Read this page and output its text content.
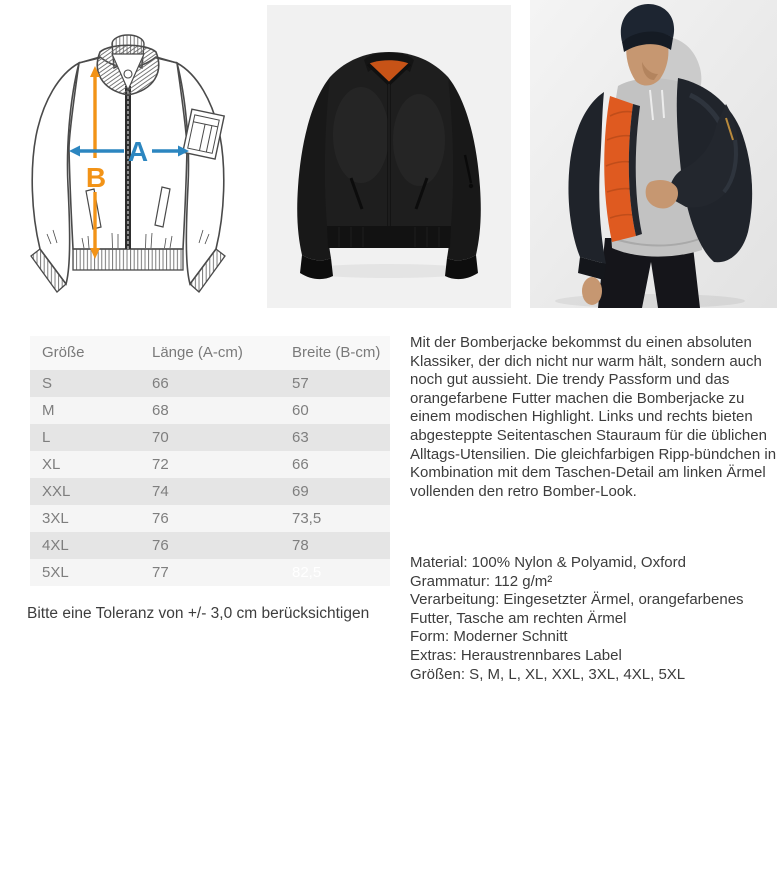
B
A
Größe	Länge (A-cm)	Breite (B-cm)
S	66	57
M	68	60
L	70	63
XL	72	66
XXL	74	69
3XL	76	73,5
4XL	76	78
5XL	77	82,5
Bitte eine Toleranz von +/- 3,0 cm berücksichtigen

Mit der Bomberjacke bekommst du einen absoluten Klassiker, der dich nicht nur warm hält, sondern auch noch gut aussieht. Die trendy Passform und das orangefarbene Futter machen die Bomberjacke zu einem modischen Highlight. Links und rechts bieten abgesteppte Seitentaschen Stauraum für die üblichen Alltags-Utensilien. Die gleichfarbigen Ripp-bündchen in Kombination mit dem Taschen-Detail am linken Ärmel vollenden den retro Bomber-Look.

Material: 100% Nylon & Polyamid, Oxford
Grammatur: 112 g/m²
Verarbeitung: Eingesetzter Ärmel, orangefarbenes Futter, Tasche am rechten Ärmel
Form: Moderner Schnitt
Extras: Heraustrennbares Label
Größen: S, M, L, XL, XXL, 3XL, 4XL, 5XL
